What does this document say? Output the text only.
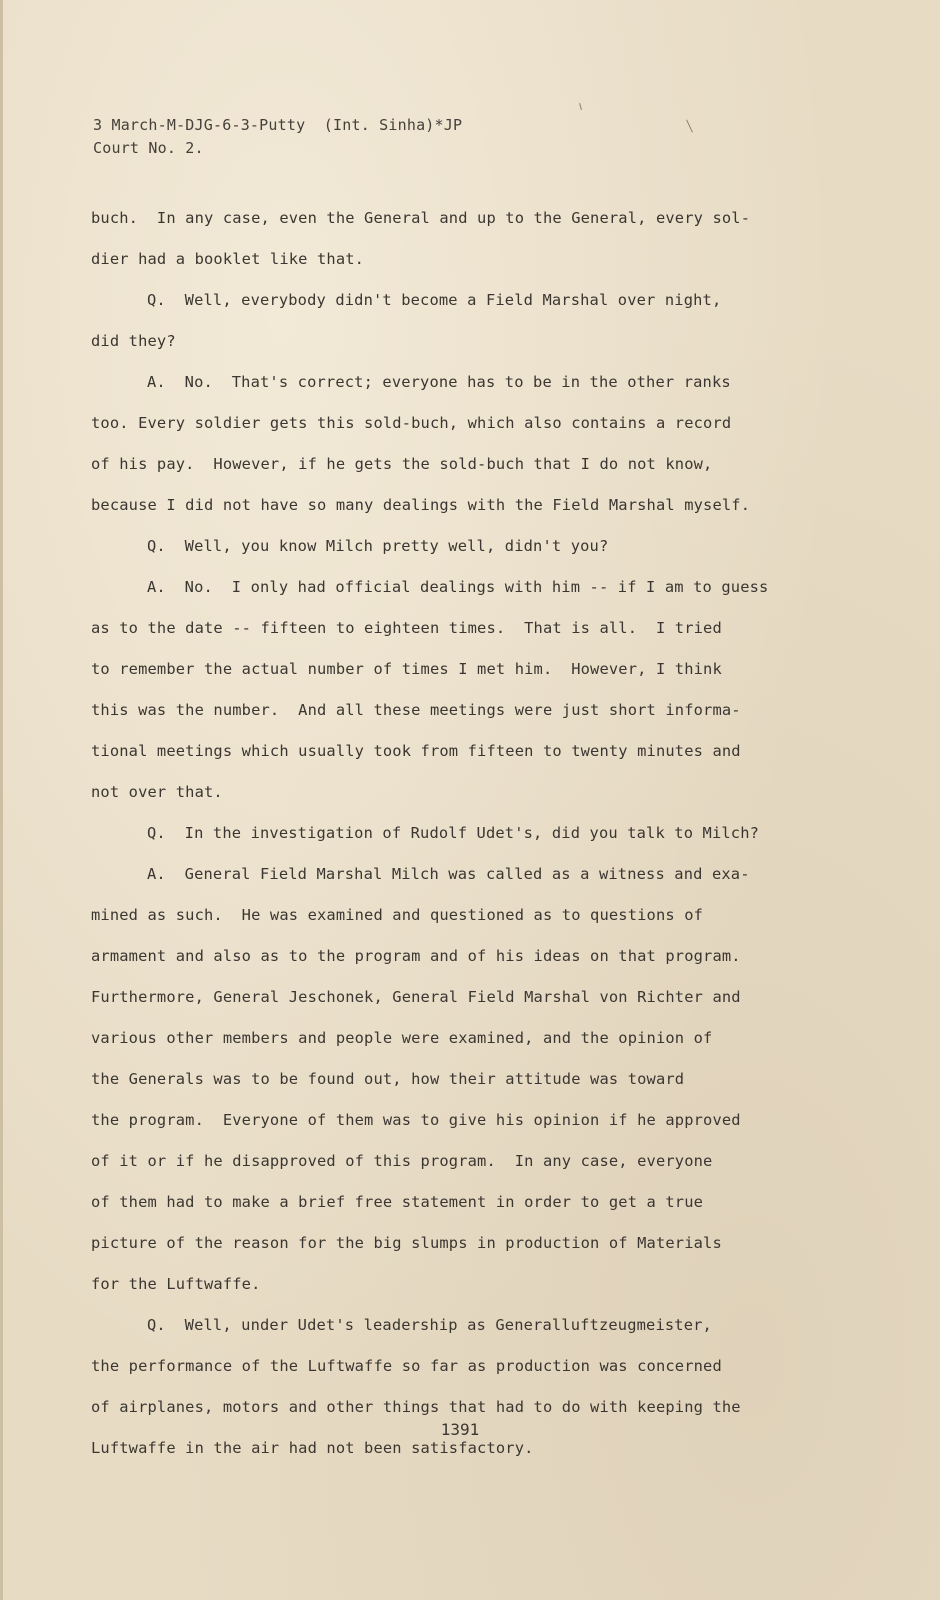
3 March-M-DJG-6-3-Putty  (Int. Sinha)*JP
Court No. 2.
buch.  In any case, even the General and up to the General, every sol-
dier had a booklet like that.
Q.  Well, everybody didn't become a Field Marshal over night,
did they?
A.  No.  That's correct; everyone has to be in the other ranks
too. Every soldier gets this sold-buch, which also contains a record
of his pay.  However, if he gets the sold-buch that I do not know,
because I did not have so many dealings with the Field Marshal myself.
Q.  Well, you know Milch pretty well, didn't you?
A.  No.  I only had official dealings with him -- if I am to guess
as to the date -- fifteen to eighteen times.  That is all.  I tried
to remember the actual number of times I met him.  However, I think
this was the number.  And all these meetings were just short informa-
tional meetings which usually took from fifteen to twenty minutes and
not over that.
Q.  In the investigation of Rudolf Udet's, did you talk to Milch?
A.  General Field Marshal Milch was called as a witness and exa-
mined as such.  He was examined and questioned as to questions of
armament and also as to the program and of his ideas on that program.
Furthermore, General Jeschonek, General Field Marshal von Richter and
various other members and people were examined, and the opinion of
the Generals was to be found out, how their attitude was toward
the program.  Everyone of them was to give his opinion if he approved
of it or if he disapproved of this program.  In any case, everyone
of them had to make a brief free statement in order to get a true
picture of the reason for the big slumps in production of Materials
for the Luftwaffe.
Q.  Well, under Udet's leadership as Generalluftzeugmeister,
the performance of the Luftwaffe so far as production was concerned
of airplanes, motors and other things that had to do with keeping the
Luftwaffe in the air had not been satisfactory.
1391
